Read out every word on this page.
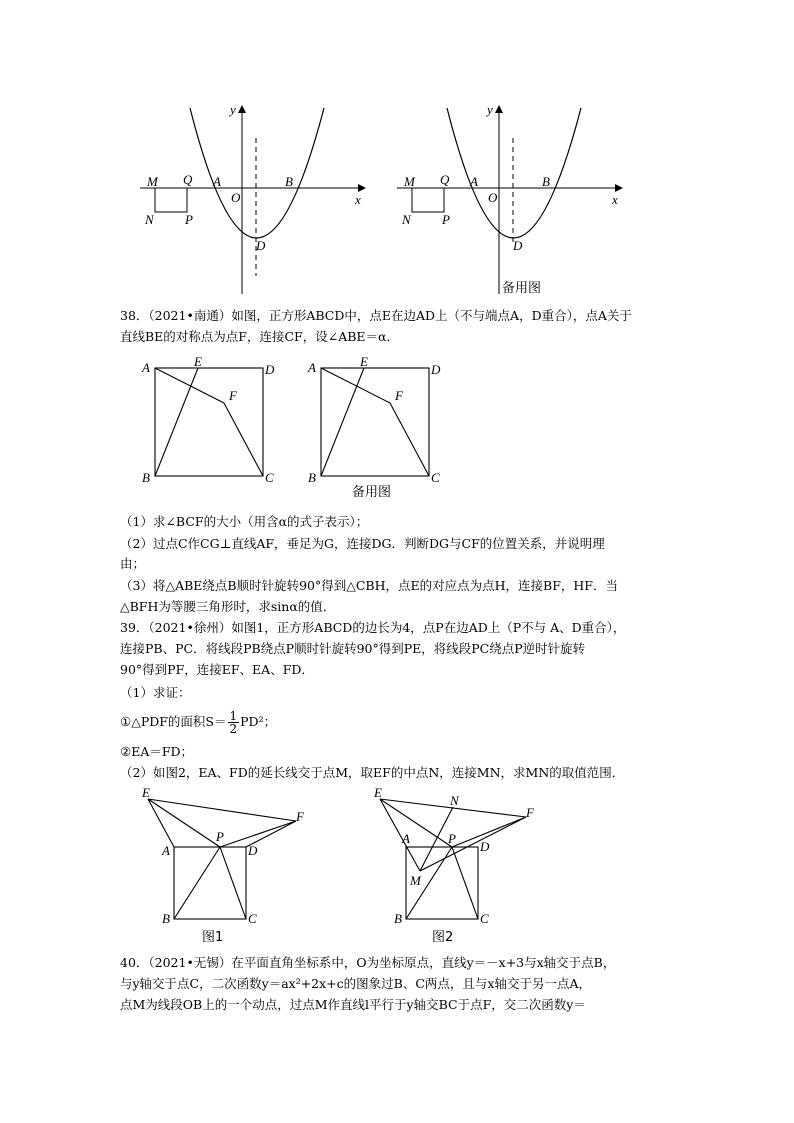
y
x
O
M Q
N P
A	B
D
y
x
O
M Q
N P
A	B
D
备用图
38．（2021•南通）如图，正方形ABCD中，点E在边AD上（不与端点A，D重合），点A关于
直线BE的对称点为点F，连接CF，设∠ABE＝α．
A	E
D
F
B	C
A	E
D
F
B	C
备用图
（1）求∠BCF的大小（用含α的式子表示）；
（2）过点C作CG⊥直线AF，垂足为G，连接DG．判断DG与CF的位置关系，并说明理
由；
（3）将△ABE绕点B顺时针旋转90°得到△CBH，点E的对应点为点H，连接BF，HF．当
△BFH为等腰三角形时，求sinα的值．
39．（2021•徐州）如图1，正方形ABCD的边长为4，点P在边AD上（P不与 A、D重合），
连接PB、PC．将线段PB绕点P顺时针旋转90°得到PE，将线段PC绕点P逆时针旋转
90°得到PF，连接EF、EA、FD．
（1）求证：
①△PDF的面积$S= \frac{1}{2} PD^2$；
②EA＝FD；
（2）如图2，EA、FD的延长线交于点M，取EF的中点N，连接MN，求MN的取值范围．
E
F
P
A	D
B	C
图1
E
N
F
A	P
D
M
B	C
图2
40．（2021•无锡）在平面直角坐标系中，O为坐标原点，直线y＝－x+3与x轴交于点B，
与y轴交于点C，二次函数y＝ax²+2x+c的图象过B、C两点，且与x轴交于另一点A，
点M为线段OB上的一个动点，过点M作直线l平行于y轴交BC于点F，交二次函数y＝
